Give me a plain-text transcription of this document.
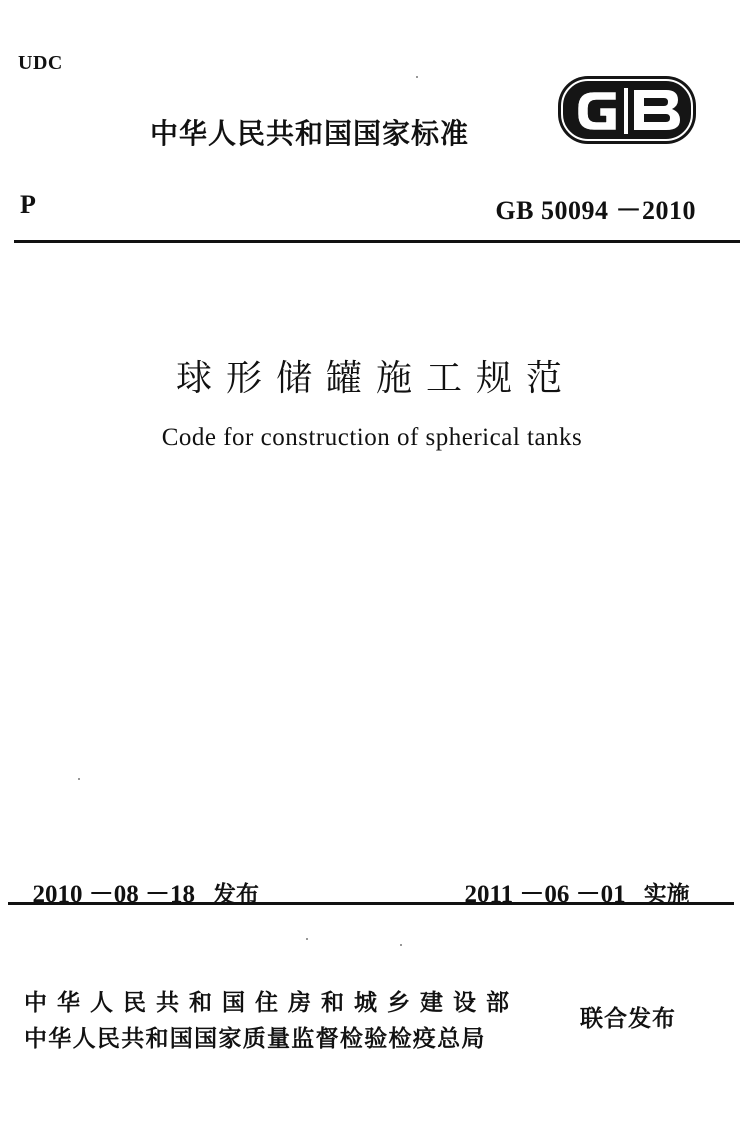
UDC
中华人民共和国国家标准
P	GB 50094 －2010
球形储罐施工规范
Code for construction of spherical tanks

2010 －08 －18 发布	2011 －06 －01 实施

中华人民共和国住房和城乡建设部
中华人民共和国国家质量监督检验检疫总局
联合发布
